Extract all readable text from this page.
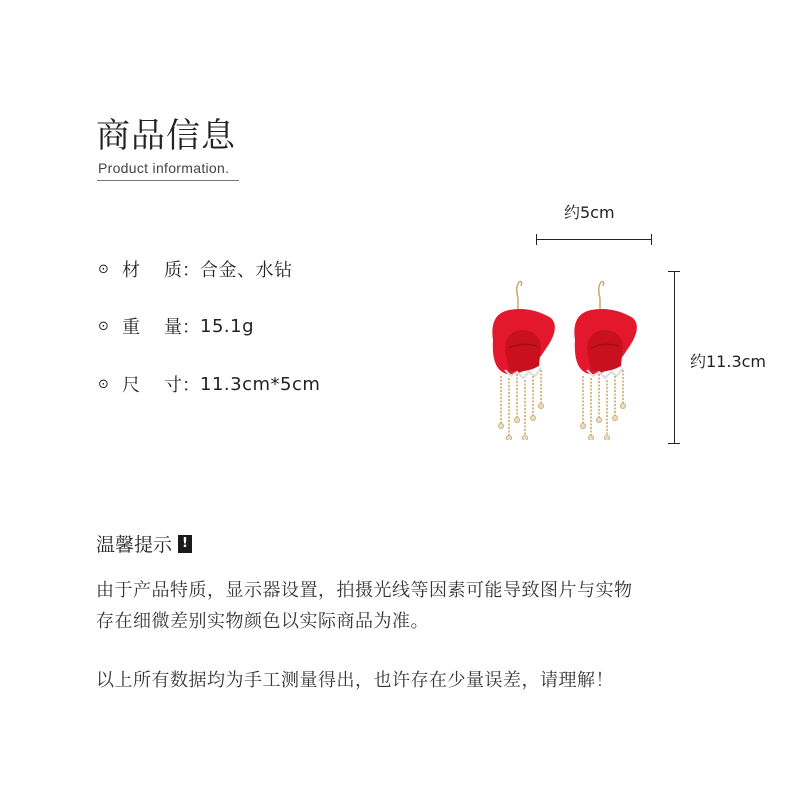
商品信息
Product information.
⊙ 材 质： 合金、水钻
⊙ 重 量： 15.1g
⊙ 尺 寸： 11.3cm*5cm
约5cm
约11.3cm
温馨提示 !
由于产品特质，显示器设置，拍摄光线等因素可能导致图片与实物
存在细微差别实物颜色以实际商品为准。
以上所有数据均为手工测量得出，也许存在少量误差，请理解！
